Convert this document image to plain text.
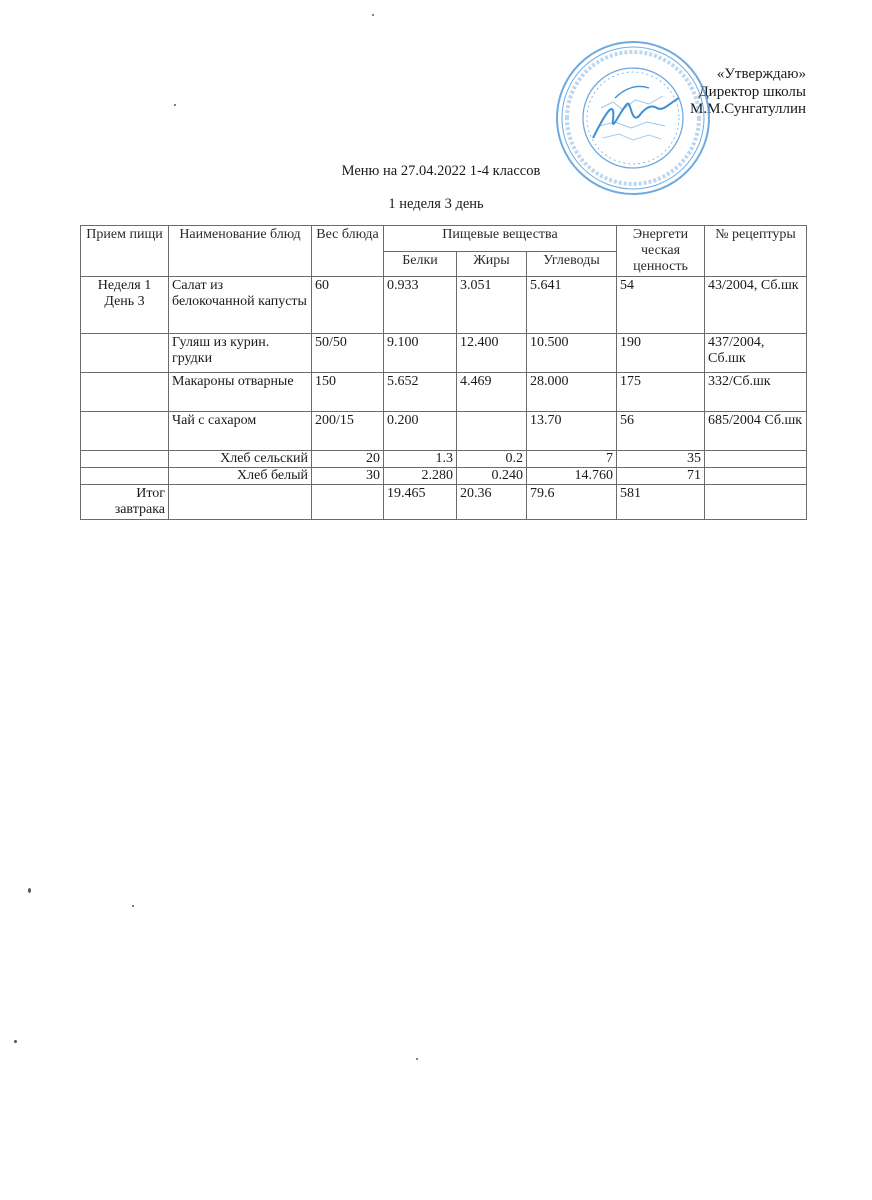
«Утверждаю»
Директор школы
М.М.Сунгатуллин
Меню на 27.04.2022 1-4 классов
1 неделя 3 день
Прием пищи	Наименование блюд	Вес блюда	Пищевые вещества			Энергети ческая ценность	№ рецептуры
			Белки	Жиры	Углеводы		
Неделя 1 День 3	Салат из белокочанной капусты	60	0.933	3.051	5.641	54	43/2004, Сб.шк
	Гуляш из курин. грудки	50/50	9.100	12.400	10.500	190	437/2004, Сб.шк
	Макароны отварные	150	5.652	4.469	28.000	175	332/Сб.шк
	Чай с сахаром	200/15	0.200		13.70	56	685/2004 Сб.шк
	Хлеб сельский	20	1.3	0.2	7	35	
	Хлеб белый	30	2.280	0.240	14.760	71	
Итог завтрака			19.465	20.36	79.6	581	
